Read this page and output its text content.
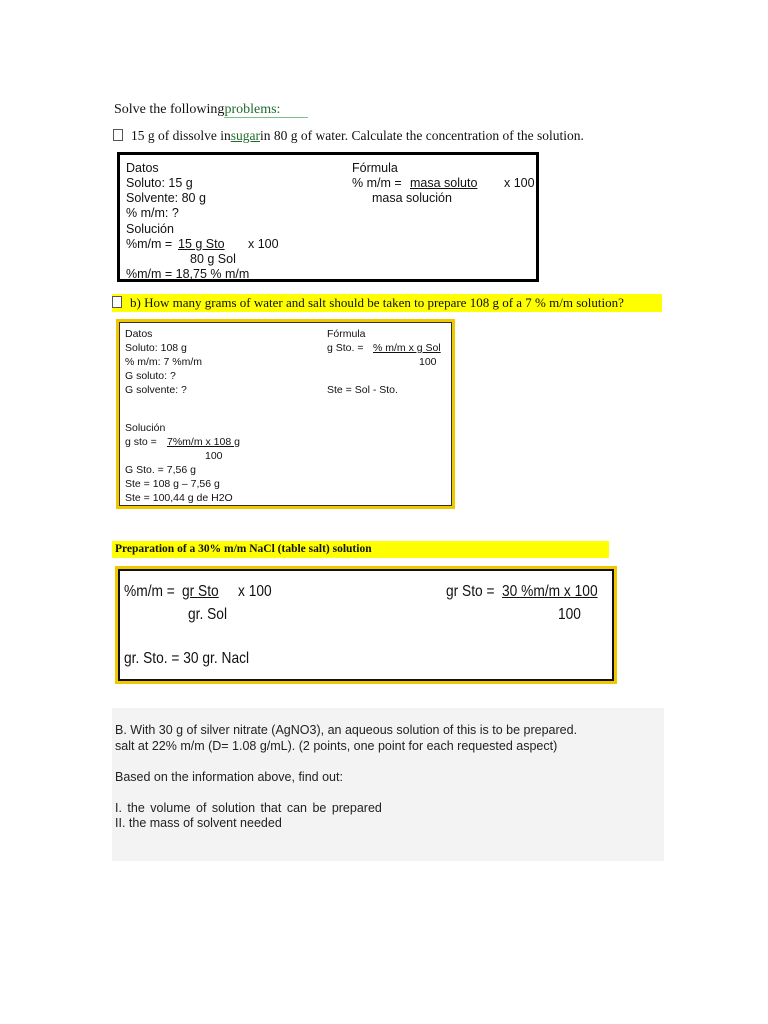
Solve the followingproblems:
15 g of dissolve insugarin 80 g of water. Calculate the concentration of the solution.
Datos
Soluto: 15 g
Solvente: 80 g
% m/m: ?
Solución
%m/m = 15 g Sto x 100
80 g Sol
%m/m = 18,75 % m/m
Fórmula
% m/m = masa soluto x 100
masa solución
b) How many grams of water and salt should be taken to prepare 108 g of a 7 % m/m solution?
Datos
Soluto: 108 g
% m/m: 7 %m/m
G soluto: ?
G solvente: ?
Fórmula
g Sto. = % m/m x g Sol
100
Ste = Sol - Sto.
Solución
g sto = 7%m/m x 108 g
100
G Sto. = 7,56 g
Ste = 108 g – 7,56 g
Ste = 100,44 g de H2O
Preparation of a 30% m/m NaCl (table salt) solution
%m/m = gr Sto x 100
gr. Sol
gr. Sto. = 30 gr. Nacl
gr Sto = 30 %m/m x 100
100
B. With 30 g of silver nitrate (AgNO3), an aqueous solution of this is to be prepared.
salt at 22% m/m (D= 1.08 g/mL). (2 points, one point for each requested aspect)
Based on the information above, find out:
I. the volume of solution that can be prepared
II. the mass of solvent needed
